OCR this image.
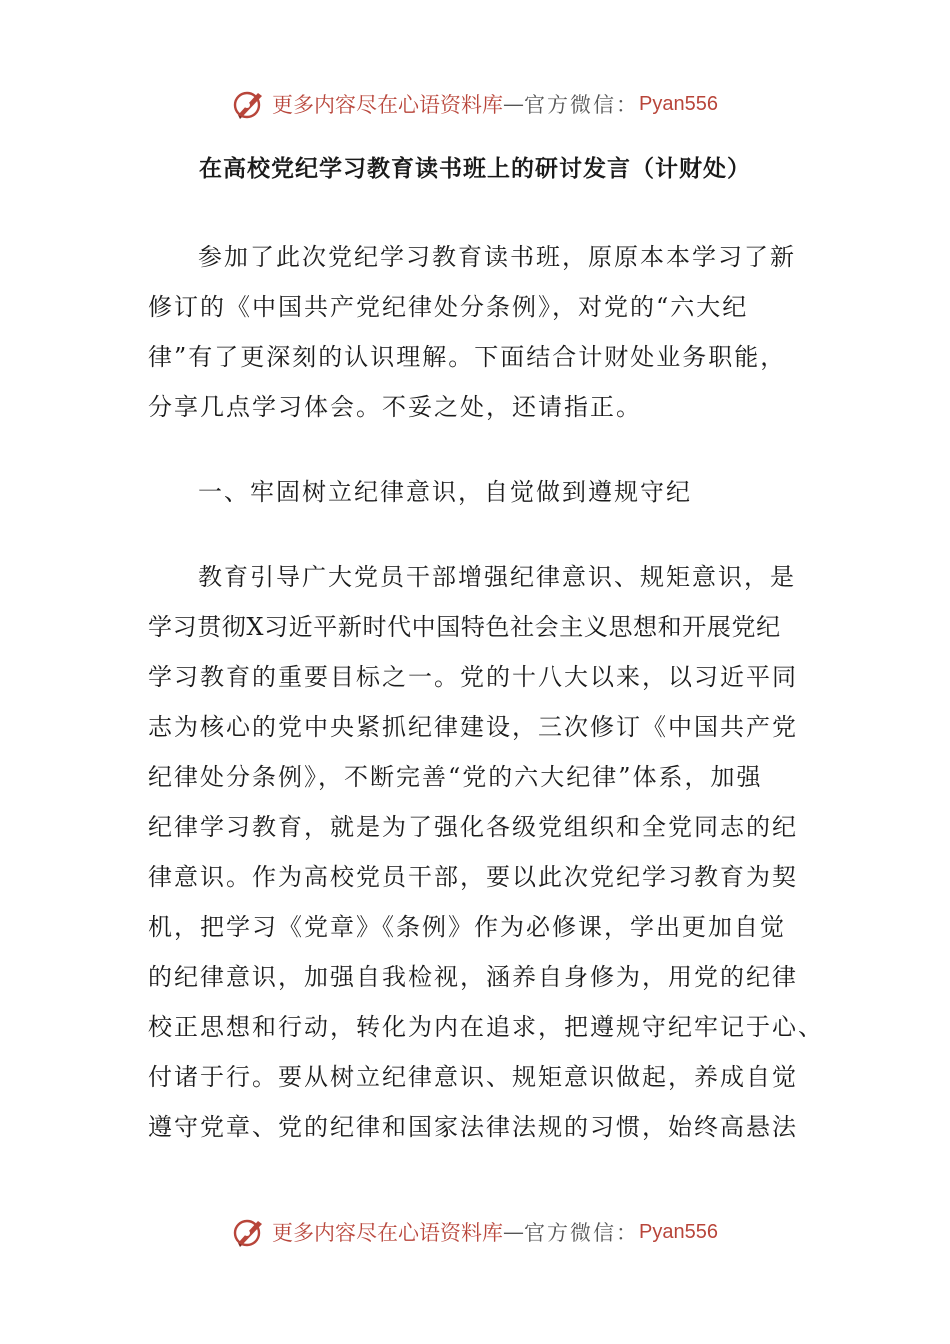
更多内容尽在心语资料库 — 官方微信： Pyan556
在高校党纪学习教育读书班上的研讨发言（计财处）
参加了此次党纪学习教育读书班，原原本本学习了新
修订的《中国共产党纪律处分条例》，对党的“六大纪
律”有了更深刻的认识理解。下面结合计财处业务职能，
分享几点学习体会。不妥之处，还请指正。
一、牢固树立纪律意识，自觉做到遵规守纪
教育引导广大党员干部增强纪律意识、规矩意识，是
学习贯彻X习近平新时代中国特色社会主义思想和开展党纪
学习教育的重要目标之一。党的十八大以来，以习近平同
志为核心的党中央紧抓纪律建设，三次修订《中国共产党
纪律处分条例》，不断完善“党的六大纪律”体系，加强
纪律学习教育，就是为了强化各级党组织和全党同志的纪
律意识。作为高校党员干部，要以此次党纪学习教育为契
机，把学习《党章》《条例》作为必修课，学出更加自觉
的纪律意识，加强自我检视，涵养自身修为，用党的纪律
校正思想和行动，转化为内在追求，把遵规守纪牢记于心、
付诸于行。要从树立纪律意识、规矩意识做起，养成自觉
遵守党章、党的纪律和国家法律法规的习惯，始终高悬法
更多内容尽在心语资料库 — 官方微信： Pyan556
